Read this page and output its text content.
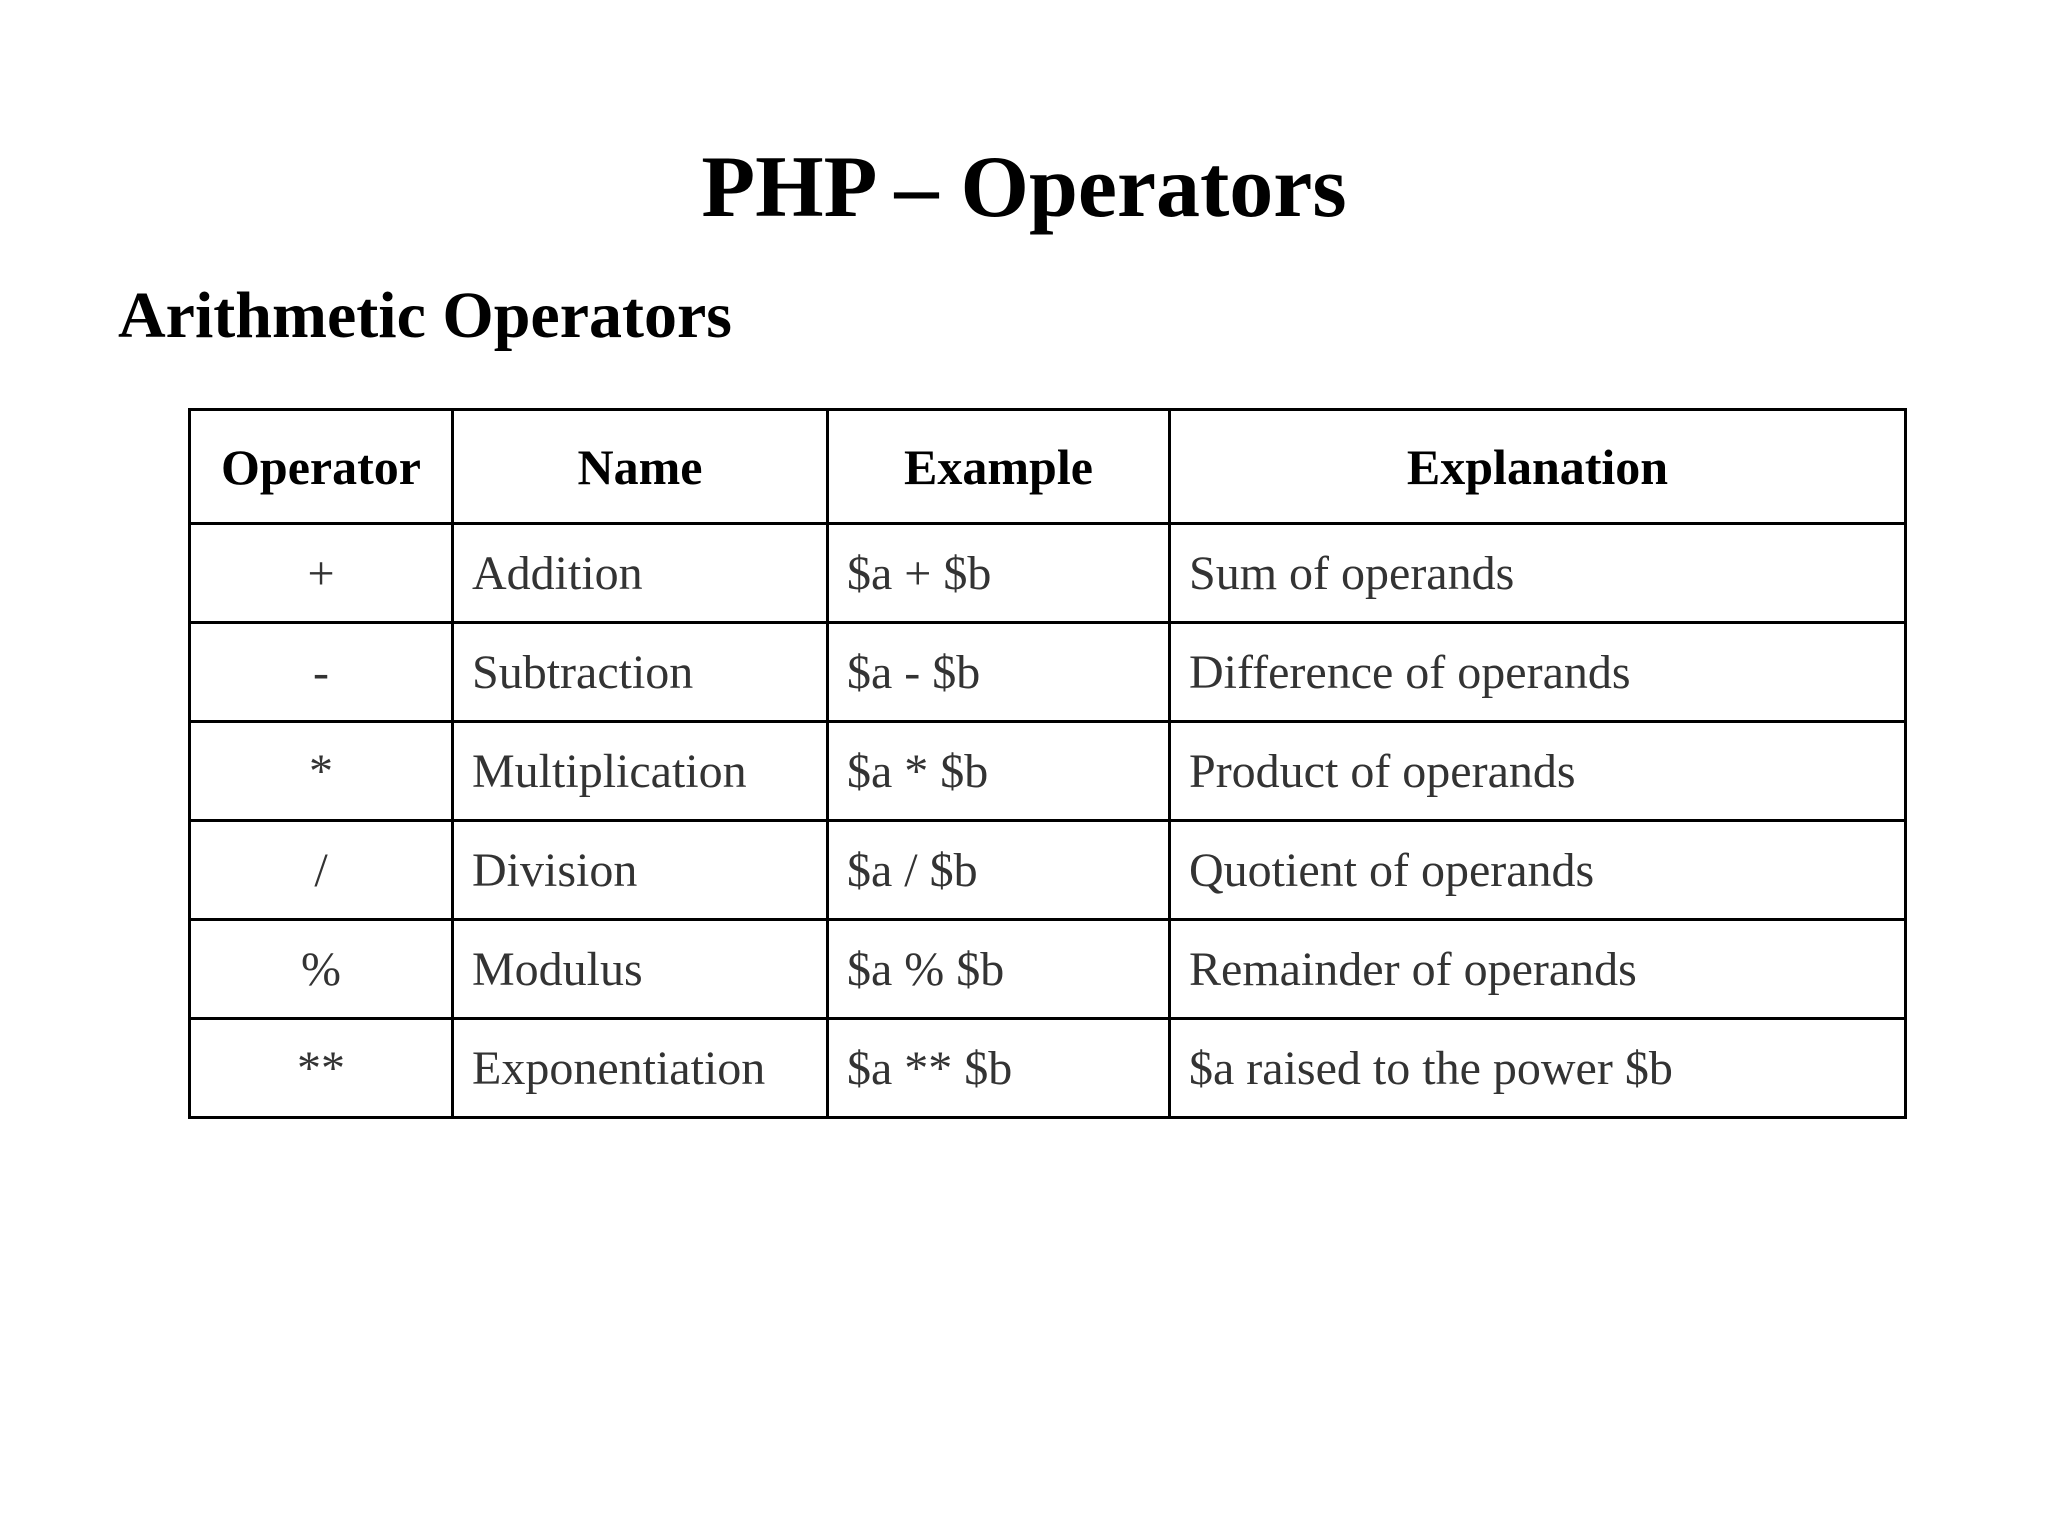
PHP – Operators
Arithmetic Operators
Operator	Name	Example	Explanation
+	Addition	$a + $b	Sum of operands
-	Subtraction	$a - $b	Difference of operands
*	Multiplication	$a * $b	Product of operands
/	Division	$a / $b	Quotient of operands
%	Modulus	$a % $b	Remainder of operands
**	Exponentiation	$a ** $b	$a raised to the power $b
